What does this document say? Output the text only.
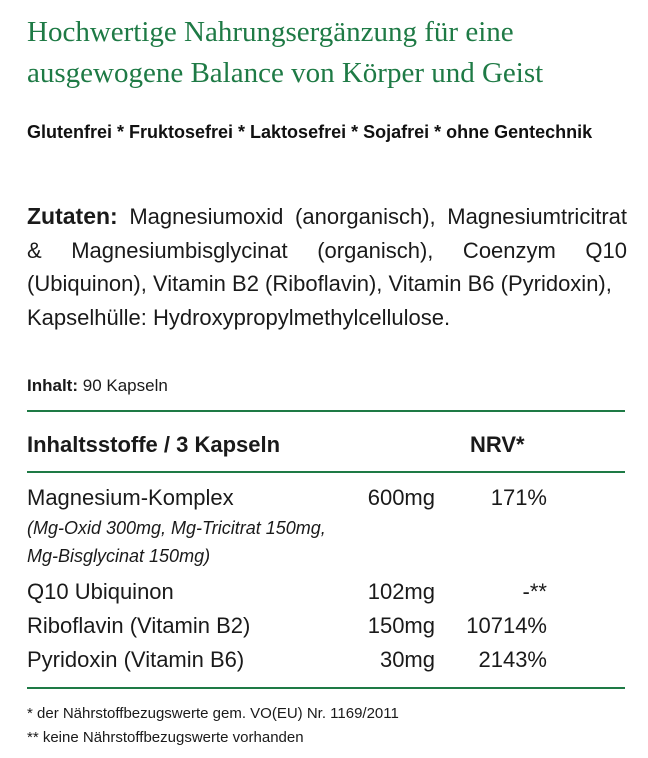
Hochwertige Nahrungsergänzung für eine
ausgewogene Balance von Körper und Geist
Glutenfrei * Fruktosefrei * Laktosefrei * Sojafrei * ohne Gentechnik
Zutaten: Magnesiumoxid (anorganisch), Magnesiumtricitrat & Magnesiumbisglycinat (organisch), Coenzym Q10 (Ubiquinon), Vitamin B2 (Riboflavin), Vitamin B6 (Pyridoxin),
Kapselhülle: Hydroxypropylmethylcellulose.
Inhalt: 90 Kapseln
Inhaltsstoffe / 3 Kapseln	NRV*
Magnesium-Komplex	600mg	171%
(Mg-Oxid 300mg, Mg-Tricitrat 150mg,
Mg-Bisglycinat 150mg)
Q10 Ubiquinon	102mg	-**
Riboflavin (Vitamin B2)	150mg	10714%
Pyridoxin (Vitamin B6)	30mg	2143%
* der Nährstoffbezugswerte gem. VO(EU) Nr. 1169/2011
** keine Nährstoffbezugswerte vorhanden
